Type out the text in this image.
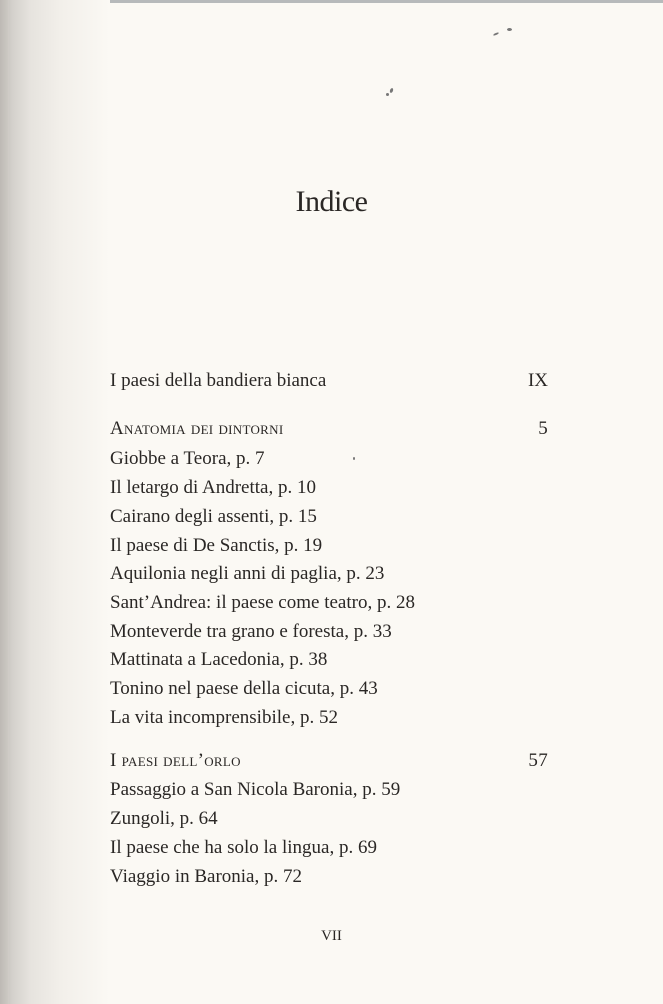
Indice
I paesi della bandiera bianca	IX
Anatomia dei dintorni	5
Giobbe a Teora, p. 7
Il letargo di Andretta, p. 10
Cairano degli assenti, p. 15
Il paese di De Sanctis, p. 19
Aquilonia negli anni di paglia, p. 23
Sant’Andrea: il paese come teatro, p. 28
Monteverde tra grano e foresta, p. 33
Mattinata a Lacedonia, p. 38
Tonino nel paese della cicuta, p. 43
La vita incomprensibile, p. 52
I paesi dell’orlo	57
Passaggio a San Nicola Baronia, p. 59
Zungoli, p. 64
Il paese che ha solo la lingua, p. 69
Viaggio in Baronia, p. 72
VII
